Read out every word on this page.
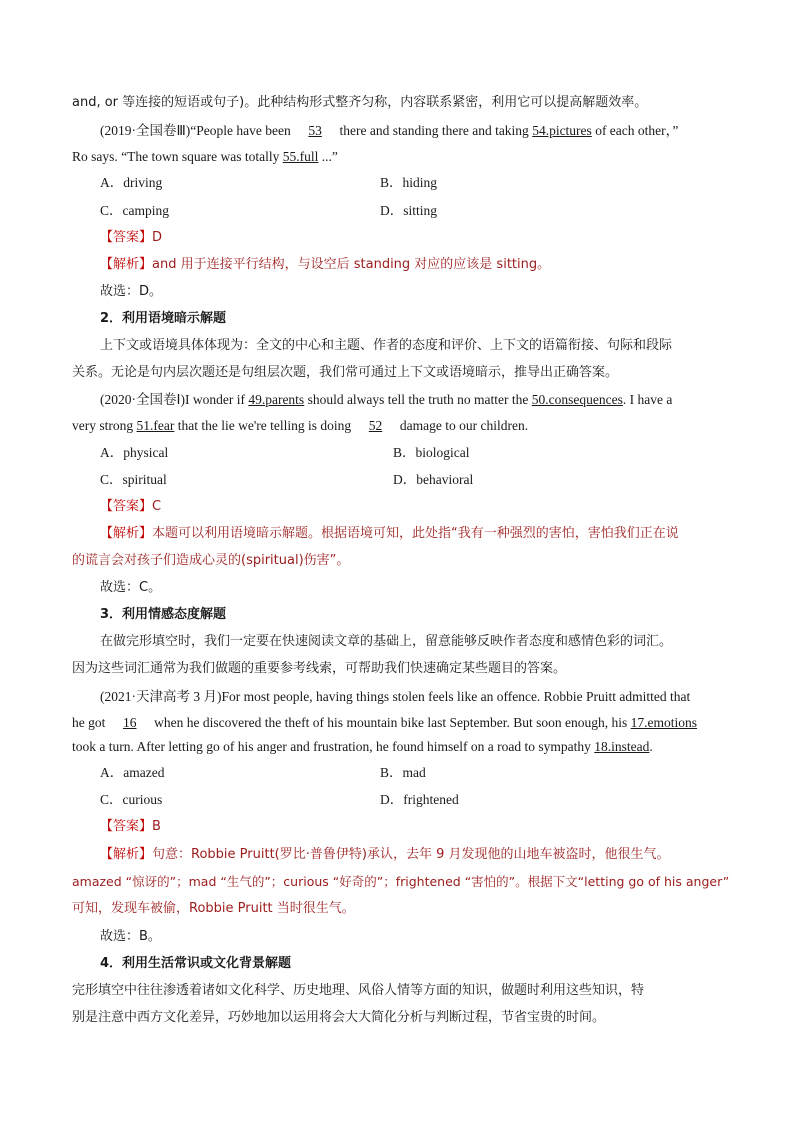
and, or 等连接的短语或句子)。此种结构形式整齐匀称，内容联系紧密，利用它可以提高解题效率。
(2019·全国卷Ⅲ)“People have been 53 there and standing there and taking 54.pictures of each other，”
Ro says. “The town square was totally 55.full ...”
A．driving	B．hiding
C．camping	D．sitting
【答案】D
【解析】and 用于连接平行结构，与设空后 standing 对应的应该是 sitting。
故选：D。
2．利用语境暗示解题
上下文或语境具体体现为：全文的中心和主题、作者的态度和评价、上下文的语篇衔接、句际和段际
关系。无论是句内层次题还是句组层次题，我们常可通过上下文或语境暗示，推导出正确答案。
(2020·全国卷Ⅰ)I wonder if 49.parents should always tell the truth no matter the 50.consequences. I have a
very strong 51.fear that the lie we're telling is doing 52 damage to our children.
A．physical	B．biological
C．spiritual	D．behavioral
【答案】C
【解析】本题可以利用语境暗示解题。根据语境可知，此处指“我有一种强烈的害怕，害怕我们正在说
的谎言会对孩子们造成心灵的(spiritual)伤害”。
故选：C。
3．利用情感态度解题
在做完形填空时，我们一定要在快速阅读文章的基础上，留意能够反映作者态度和感情色彩的词汇。
因为这些词汇通常为我们做题的重要参考线索，可帮助我们快速确定某些题目的答案。
(2021·天津高考 3 月)For most people, having things stolen feels like an offence. Robbie Pruitt admitted that
he got 16 when he discovered the theft of his mountain bike last September. But soon enough, his 17.emotions
took a turn. After letting go of his anger and frustration, he found himself on a road to sympathy 18.instead.
A．amazed	B．mad
C．curious	D．frightened
【答案】B
【解析】句意：Robbie Pruitt(罗比·普鲁伊特)承认，去年 9 月发现他的山地车被盗时，他很生气。
amazed “惊讶的”；mad “生气的”；curious “好奇的”；frightened “害怕的”。根据下文“letting go of his anger”
可知，发现车被偷，Robbie Pruitt 当时很生气。
故选：B。
4．利用生活常识或文化背景解题
完形填空中往往渗透着诸如文化科学、历史地理、风俗人情等方面的知识，做题时利用这些知识，特
别是注意中西方文化差异，巧妙地加以运用将会大大简化分析与判断过程，节省宝贵的时间。
